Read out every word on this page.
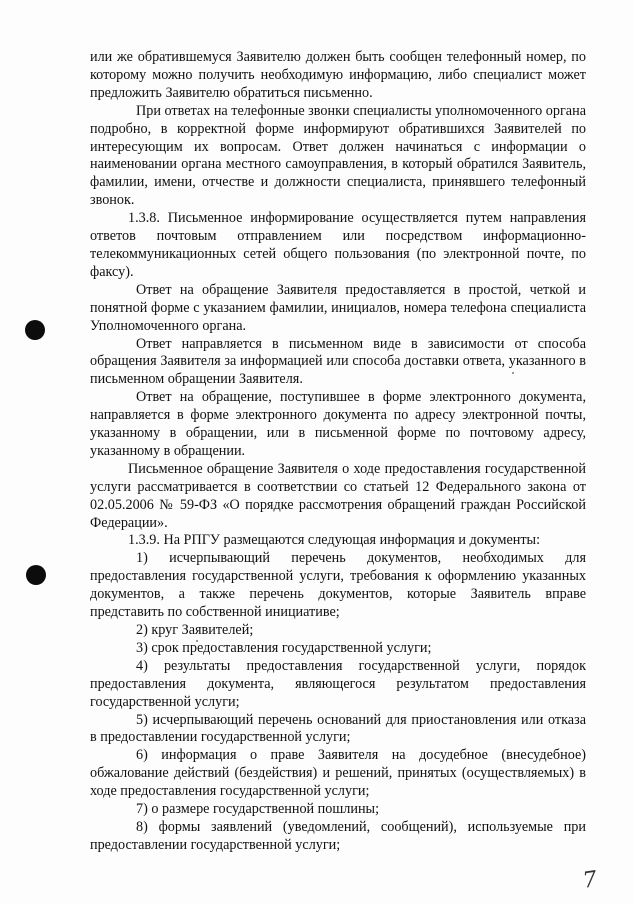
или же обратившемуся Заявителю должен быть сообщен телефонный номер, по которому можно получить необходимую информацию, либо специалист может предложить Заявителю обратиться письменно.

При ответах на телефонные звонки специалисты уполномоченного органа подробно, в корректной форме информируют обратившихся Заявителей по интересующим их вопросам. Ответ должен начинаться с информации о наименовании органа местного самоуправления, в который обратился Заявитель, фамилии, имени, отчестве и должности специалиста, принявшего телефонный звонок.

1.3.8. Письменное информирование осуществляется путем направления ответов почтовым отправлением или посредством информационно-телекоммуникационных сетей общего пользования (по электронной почте, по факсу).

Ответ на обращение Заявителя предоставляется в простой, четкой и понятной форме с указанием фамилии, инициалов, номера телефона специалиста Уполномоченного органа.

Ответ направляется в письменном виде в зависимости от способа обращения Заявителя за информацией или способа доставки ответа, указанного в письменном обращении Заявителя.

Ответ на обращение, поступившее в форме электронного документа, направляется в форме электронного документа по адресу электронной почты, указанному в обращении, или в письменной форме по почтовому адресу, указанному в обращении.

Письменное обращение Заявителя о ходе предоставления государственной услуги рассматривается в соответствии со статьей 12 Федерального закона от 02.05.2006 № 59-ФЗ «О порядке рассмотрения обращений граждан Российской Федерации».

1.3.9. На РПГУ размещаются следующая информация и документы:

1) исчерпывающий перечень документов, необходимых для предоставления государственной услуги, требования к оформлению указанных документов, а также перечень документов, которые Заявитель вправе представить по собственной инициативе;

2) круг Заявителей;

3) срок предоставления государственной услуги;

4) результаты предоставления государственной услуги, порядок предоставления документа, являющегося результатом предоставления государственной услуги;

5) исчерпывающий перечень оснований для приостановления или отказа в предоставлении государственной услуги;

6) информация о праве Заявителя на досудебное (внесудебное) обжалование действий (бездействия) и решений, принятых (осуществляемых) в ходе предоставления государственной услуги;

7) о размере государственной пошлины;

8) формы заявлений (уведомлений, сообщений), используемые при предоставлении государственной услуги;

7
